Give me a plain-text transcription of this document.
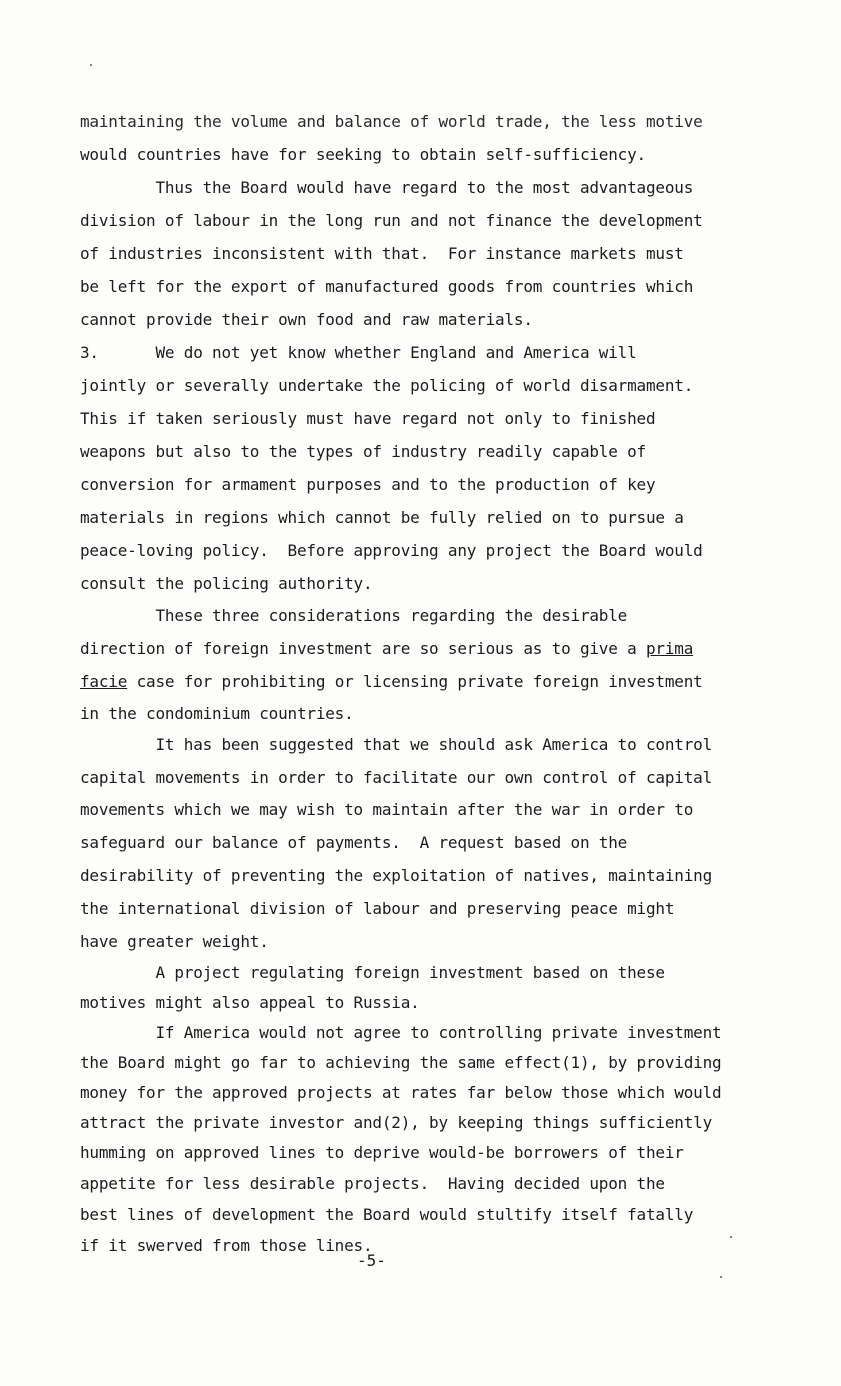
maintaining the volume and balance of world trade, the less motive
would countries have for seeking to obtain self-sufficiency.
Thus the Board would have regard to the most advantageous
division of labour in the long run and not finance the development
of industries inconsistent with that.  For instance markets must
be left for the export of manufactured goods from countries which
cannot provide their own food and raw materials.
3.      We do not yet know whether England and America will
jointly or severally undertake the policing of world disarmament.
This if taken seriously must have regard not only to finished
weapons but also to the types of industry readily capable of
conversion for armament purposes and to the production of key
materials in regions which cannot be fully relied on to pursue a
peace-loving policy.  Before approving any project the Board would
consult the policing authority.
These three considerations regarding the desirable
direction of foreign investment are so serious as to give a prima
facie case for prohibiting or licensing private foreign investment
in the condominium countries.
It has been suggested that we should ask America to control
capital movements in order to facilitate our own control of capital
movements which we may wish to maintain after the war in order to
safeguard our balance of payments.  A request based on the
desirability of preventing the exploitation of natives, maintaining
the international division of labour and preserving peace might
have greater weight.
A project regulating foreign investment based on these
motives might also appeal to Russia.
If America would not agree to controlling private investment
the Board might go far to achieving the same effect(1), by providing
money for the approved projects at rates far below those which would
attract the private investor and(2), by keeping things sufficiently
humming on approved lines to deprive would-be borrowers of their
appetite for less desirable projects.  Having decided upon the
best lines of development the Board would stultify itself fatally
if it swerved from those lines.
-5-
